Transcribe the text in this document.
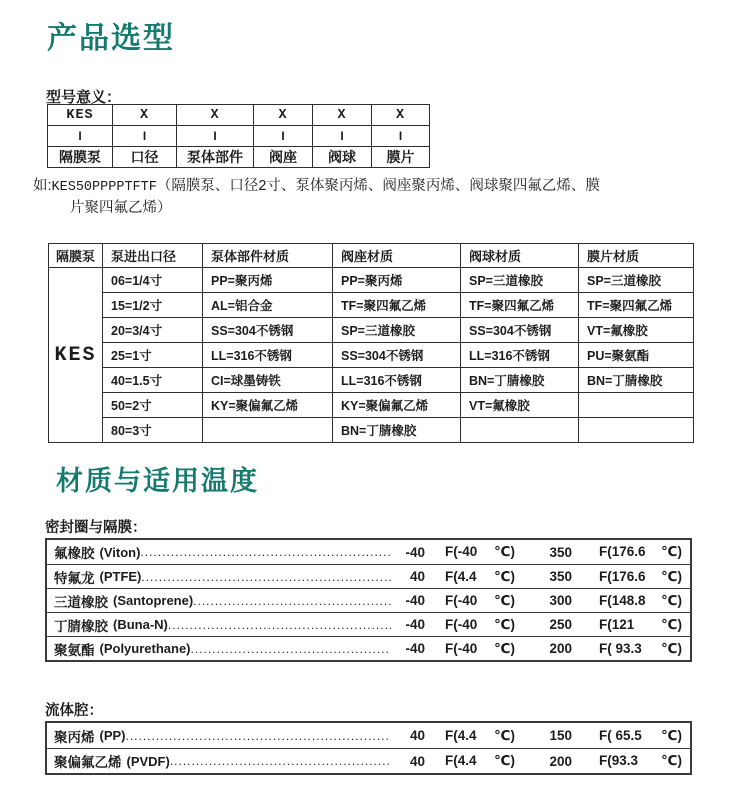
产品选型
型号意义：
KES	X	X	X	X	X
I	I	I	I	I	I
隔膜泵	口径	泵体部件	阀座	阀球	膜片
如:KES50PPPPTFTF（隔膜泵、口径2寸、泵体聚丙烯、阀座聚丙烯、阀球聚四氟乙烯、膜
片聚四氟乙烯）
隔膜泵	泵进出口径	泵体部件材质	阀座材质	阀球材质	膜片材质
KES	06=1/4寸	PP=聚丙烯	PP=聚丙烯	SP=三道橡胶	SP=三道橡胶
	15=1/2寸	AL=铝合金	TF=聚四氟乙烯	TF=聚四氟乙烯	TF=聚四氟乙烯
	20=3/4寸	SS=304不锈钢	SP=三道橡胶	SS=304不锈钢	VT=氟橡胶
	25=1寸	LL=316不锈钢	SS=304不锈钢	LL=316不锈钢	PU=聚氨酯
	40=1.5寸	CI=球墨铸铁	LL=316不锈钢	BN=丁腈橡胶	BN=丁腈橡胶
	50=2寸	KY=聚偏氟乙烯	KY=聚偏氟乙烯	VT=氟橡胶	
	80=3寸		BN=丁腈橡胶		
材质与适用温度
密封圈与隔膜：
氟橡胶 (Viton) .....	-40 F(-40 ℃)	350 F(176.6 ℃)
特氟龙 (PTFE) .....	40 F(4.4 ℃)	350 F(176.6 ℃)
三道橡胶 (Santoprene) .....	-40 F(-40 ℃)	300 F(148.8 ℃)
丁腈橡胶 (Buna-N) .....	-40 F(-40 ℃)	250 F(121 ℃)
聚氨酯 (Polyurethane) .....	-40 F(-40 ℃)	200 F( 93.3 ℃)
流体腔：
聚丙烯 (PP) .....	40 F(4.4 ℃)	150 F( 65.5 ℃)
聚偏氟乙烯 (PVDF) .....	40 F(4.4 ℃)	200 F(93.3 ℃)
